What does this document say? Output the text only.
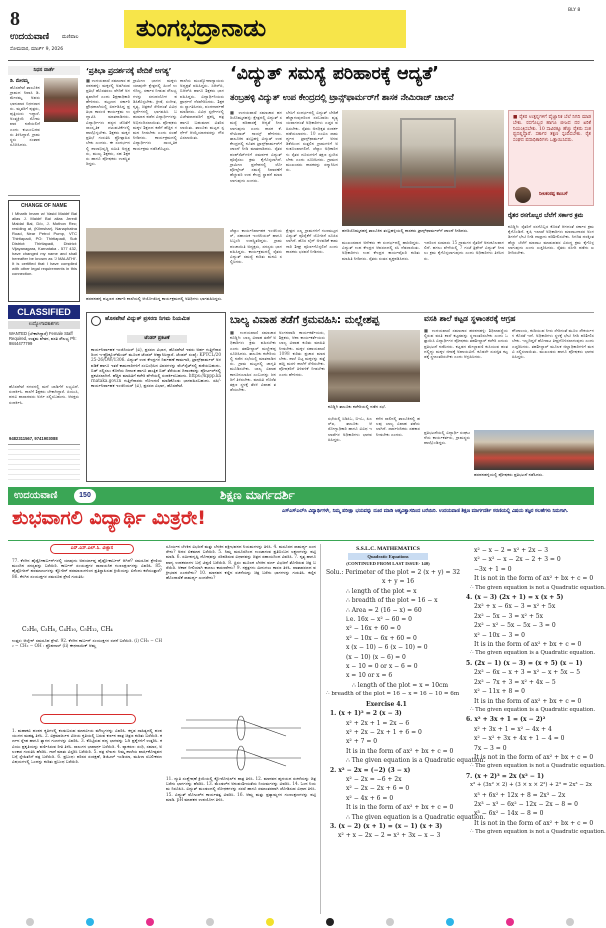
8
ಉದಯವಾಣಿ	ಮಣಿಪಾಲ
ಸೋಮವಾರ, ಮಾರ್ಚ್ 9, 2026
ತುಂಗಭದ್ರಾನಾಡು
BLY 8
ನಿಧನ ವಾರ್ತೆ
ಡಿ. ಮೇರಮ್ಮ
ಹೊಸಪೇಟೆ ತಾಲೂಕಿನ ಗ್ರಾಮದ ನಿವಾಸಿ ಡಿ. ಮೇರಮ್ಮ ಅವರು ಭಾನುವಾರ ನಿಧನರಾದರು. ಮೃತರಿಗೆ ಪುತ್ರರು, ಪುತ್ರಿಯರು ಇದ್ದಾರೆ. ಅಂತ್ಯಕ್ರಿಯೆ ಸೋಮವಾರ ನಡೆಯಲಿದೆ ಎಂದು ಕುಟುಂಬದವರು ತಿಳಿಸಿದ್ದಾರೆ. ಗ್ರಾಮಸ್ಥರು ಸಂತಾಪ ಸೂಚಿಸಿದರು.
CHANGE OF NAME
I Mharib Imam w/ Vasid Maidrf Bai alias J. Maidrf Bai alias Jeredi Maidal Bai, D/o, J. Mothon Rec; residing at, (Kilmshar), Nanaphatna Road, Near Petrol Pump, VTC Thirtiapadi, PO: Thirtiapadi, Sub District: Thirtiapadi, District: Vijayanagara, Karnataka - 577 432, have changed my name and shall hereafter be known as 'J MALATHI'. It is certified that I have complied with other legal requirements in this connection.
CLASSIFIED
ಉದ್ಯೋಗಾವಕಾಶಗಳು
WANTED (ಬೇಕಾಗಿದ್ದಾರೆ) Female Staff Required, ಉತ್ತಮ ವೇತನ, ವಸತಿ ಸೌಲಭ್ಯ Ph: 9844477799
ಹೊಸಪೇಟೆ ನಗರದಲ್ಲಿ ಮನೆ ಬಾಡಿಗೆಗೆ ಲಭ್ಯವಿದೆ. ಸಂಪರ್ಕಿಸಿ. ಶಾಲೆಗೆ ಶಿಕ್ಷಕರು ಬೇಕಾಗಿದ್ದಾರೆ. ಪಿಯುಸಿ, ಪದವಿ ಪಾಸಾದವರು ಅರ್ಜಿ ಸಲ್ಲಿಸಬಹುದು. ಆಸಕ್ತರು ಸಂಪರ್ಕಿಸಿ.
9482311567, 9741903088
‘ಪ್ರತಿಭಾ ಪ್ರದರ್ಶನಕ್ಕೆ ವೇದಿಕೆ ಅಗತ್ಯ’
■ ಉದಯವಾಣಿ ಸಮಾಚಾರ ಹರಪನಹಳ್ಳಿ: ಮಕ್ಕಳಲ್ಲಿ ಅಡಗಿರುವ ಪ್ರತಿಭೆ ಹೊರತರಲು ವೇದಿಕೆ ಅಗತ್ಯವಾಗಿದೆ ಎಂದು ಶಿಕ್ಷಣಾಧಿಕಾರಿ ಹೇಳಿದರು. ಪಟ್ಟಣದ ಸರ್ಕಾರಿ ಪ್ರೌಢಶಾಲೆಯಲ್ಲಿ ಏರ್ಪಡಿಸಿದ್ದ ಪ್ರತಿಭಾ ಕಾರಂಜಿ ಕಾರ್ಯಕ್ರಮ ಉದ್ಘಾಟಿಸಿ ಮಾತನಾಡಿದರು. ವಿದ್ಯಾರ್ಥಿಗಳು ಪಠ್ಯದ ಜೊತೆಗೆ ಸಾಂಸ್ಕೃತಿಕ ಚಟುವಟಿಕೆಗಳಲ್ಲಿ ಪಾಲ್ಗೊಳ್ಳಬೇಕು. ಶಿಕ್ಷಕರು ಮಕ್ಕಳ ಪ್ರತಿಭೆ ಗುರುತಿಸಿ ಪ್ರೋತ್ಸಾಹಿಸಬೇಕು ಎಂದರು. ಈ ಸಂದರ್ಭದಲ್ಲಿ ಶಾಲಾಭಿವೃದ್ಧಿ ಸಮಿತಿ ಅಧ್ಯಕ್ಷರು, ಮುಖ್ಯ ಶಿಕ್ಷಕರು, ಸಹ ಶಿಕ್ಷಕರು ಹಾಗೂ ಪೋಷಕರು ಉಪಸ್ಥಿತರಿದ್ದರು.
ಗ್ರಾಮೀಣ ಭಾಗದ ಮಕ್ಕಳು ಯಾವುದೇ ಕ್ಷೇತ್ರದಲ್ಲಿ ಹಿಂದೆ ಉಳಿದಿಲ್ಲ. ಸರ್ಕಾರ ನೀಡುವ ಸೌಲಭ್ಯಗಳನ್ನು ಸದುಪಯೋಗ ಪಡಿಸಿಕೊಳ್ಳಬೇಕು. ಕ್ರೀಡೆ, ಸಂಗೀತ, ನೃತ್ಯ, ಚಿತ್ರಕಲೆ ಸೇರಿದಂತೆ ವಿವಿಧ ಸ್ಪರ್ಧೆಗಳಲ್ಲಿ ಭಾಗವಹಿಸಿ ಬಹುಮಾನ ಪಡೆದ ವಿದ್ಯಾರ್ಥಿಗಳನ್ನು ಅಭಿನಂದಿಸಲಾಯಿತು. ಪೋಷಕರು ಮಕ್ಕಳ ಶಿಕ್ಷಣದ ಕಡೆಗೆ ಹೆಚ್ಚಿನ ಗಮನ ನೀಡಬೇಕು ಎಂದು ಸಲಹೆ ನೀಡಿದರು. ಕಾರ್ಯಕ್ರಮದಲ್ಲಿ ವಿದ್ಯಾರ್ಥಿಗಳು ಸಾಂಸ್ಕೃತಿಕ ಕಾರ್ಯಕ್ರಮ ನಡೆಸಿಕೊಟ್ಟರು.
ಶಾಲೆಯ ಮುಖ್ಯೋಪಾಧ್ಯಾಯರು ಅಧ್ಯಕ್ಷತೆ ವಹಿಸಿದ್ದರು. ಸಿಆರ್‌ಪಿ, ಬಿಆರ್‌ಪಿ ಹಾಗೂ ಶಿಕ್ಷಕರು ಭಾಗವಹಿಸಿದ್ದರು. ವಿದ್ಯಾರ್ಥಿನಿಯರು ಪ್ರಾರ್ಥನೆ ನೆರವೇರಿಸಿದರು. ಶಿಕ್ಷಕರು ಸ್ವಾಗತಿಸಿದರು, ವಂದನಾರ್ಪಣೆ ಮಾಡಿದರು. ವಿವಿಧ ಸ್ಪರ್ಧೆಗಳಲ್ಲಿ ವಿಜೇತರಾದವರಿಗೆ ಪ್ರಶಸ್ತಿ ಪತ್ರ ಹಾಗೂ ಬಹುಮಾನ ವಿತರಿಸಲಾಯಿತು. ತಾಲೂಕು ಮಟ್ಟದ ಸ್ಪರ್ಧೆಗೆ ಆಯ್ಕೆಯಾದವರನ್ನು ಗೌರವಿಸಲಾಯಿತು.
ಹರಪನಹಳ್ಳಿ ಪಟ್ಟಣದ ಸರ್ಕಾರಿ ಶಾಲೆಯಲ್ಲಿ ಆಯೋಜಿಸಿದ್ದ ಕಾರ್ಯಕ್ರಮದಲ್ಲಿ ಅತಿಥಿಗಳು ಭಾಗವಹಿಸಿದ್ದರು.
ಹೊಸಪೇಟೆ ವಿದ್ಯುತ್ ಪ್ರಸರಣ ನಿಗಮ ನಿಯಮಿತ
ಟೆಂಡರ್ ಪ್ರಕಟಣೆ
ಕಾರ್ಯನಿರ್ವಾಹಕ ಇಂಜಿನಿಯರ್ (ವಿ), ಪ್ರಸರಣ ವಿಭಾಗ, ಹೊಸಪೇಟೆ ಇವರು ಅರ್ಹ ಗುತ್ತಿಗೆದಾರರಿಂದ ಇ-ಪ್ರೊಕ್ಯೂರ್‌ಮೆಂಟ್ ಮೂಲಕ ಟೆಂಡರ್ ಆಹ್ವಾನಿಸಿದ್ದಾರೆ. ಟೆಂಡರ್ ಸಂಖ್ಯೆ: KPTCL/2025-26/OW/1306. ವಿದ್ಯುತ್ ಉಪ ಕೇಂದ್ರಗಳ ನಿರ್ವಹಣೆ ಕಾಮಗಾರಿ, ಟ್ರಾನ್ಸ್‌ಫಾರ್ಮರ್ ಅಳವಡಿಕೆ ಹಾಗೂ ಇತರೆ ಕಾಮಗಾರಿಗಳಿಗೆ ಸಂಬಂಧಿಸಿದ ವಿವರಗಳನ್ನು ವೆಬ್‌ಸೈಟ್‌ನಲ್ಲಿ ಪಡೆಯಬಹುದು. ಬಿಡ್ ಸಲ್ಲಿಸಲು ಕೊನೆಯ ದಿನಾಂಕ ಹಾಗೂ ತಾಂತ್ರಿಕ ಬಿಡ್ ತೆರೆಯುವ ದಿನಾಂಕವನ್ನು ಪೋರ್ಟಲ್‌ನಲ್ಲಿ ಪ್ರಕಟಿಸಲಾಗಿದೆ. ಹೆಚ್ಚಿನ ಮಾಹಿತಿಗೆ ಕಚೇರಿ ವೇಳೆಯಲ್ಲಿ ಸಂಪರ್ಕಿಸಬಹುದು. https://kppp.karnataka.gov.in ಗುತ್ತಿಗೆದಾರರು ನೋಂದಣಿ ಮಾಡಿಕೊಂಡು ಭಾಗವಹಿಸಬಹುದು. ಸಹಿ/- ಕಾರ್ಯನಿರ್ವಾಹಕ ಇಂಜಿನಿಯರ್ (ವಿ), ಪ್ರಸರಣ ವಿಭಾಗ, ಹೊಸಪೇಟೆ.
‘ವಿದ್ಯುತ್ ಸಮಸ್ಯೆ ಪರಿಹಾರಕ್ಕೆ ಆದ್ಯತೆ’
ತಂಬ್ರಹಳ್ಳಿ ವಿದ್ಯುತ್ ಉಪ ಕೇಂದ್ರದಲ್ಲಿ ಟ್ರಾನ್ಸ್‌ಫಾರ್ಮರ್‌ಗೆ ಶಾಸಕ ನೇಮಿರಾಜ್ ಚಾಲನೆ
■ ಉದಯವಾಣಿ ಸಮಾಚಾರ ಹಗರಿಬೊಮ್ಮನಹಳ್ಳಿ: ಕ್ಷೇತ್ರದಲ್ಲಿ ವಿದ್ಯುತ್ ಸಮಸ್ಯೆ ಪರಿಹಾರಕ್ಕೆ ಆದ್ಯತೆ ನೀಡಲಾಗುವುದು ಎಂದು ಶಾಸಕ ಕೆ. ನೇಮಿರಾಜ್ ನಾಯ್ಕ್ ಹೇಳಿದರು. ತಾಲೂಕಿನ ತಂಬ್ರಹಳ್ಳಿ ವಿದ್ಯುತ್ ಉಪ ಕೇಂದ್ರದಲ್ಲಿ ನೂತನ ಟ್ರಾನ್ಸ್‌ಫಾರ್ಮರ್‌ಗೆ ಚಾಲನೆ ನೀಡಿ ಮಾತನಾಡಿದರು. ರೈತರ ಪಂಪ್‌ಸೆಟ್‌ಗಳಿಗೆ ಸಮರ್ಪಕ ವಿದ್ಯುತ್ ಪೂರೈಸಲು ಕ್ರಮ ಕೈಗೊಳ್ಳಲಾಗಿದೆ. ಗ್ರಾಮೀಣ ಪ್ರದೇಶದಲ್ಲಿ ಲೋ ವೋಲ್ಟೇಜ್ ಸಮಸ್ಯೆ ನಿವಾರಣೆಗೆ ಹೆಚ್ಚುವರಿ ಉಪ ಕೇಂದ್ರ ಸ್ಥಾಪನೆ ಮಾಡಲಾಗುವುದು ಎಂದರು.
ಬೇಸಿಗೆ ಸಂದರ್ಭದಲ್ಲಿ ವಿದ್ಯುತ್ ಬೇಡಿಕೆ ಹೆಚ್ಚಾಗುವುದರಿಂದ ಸರಬರಾಜು ವ್ಯತ್ಯಯವಾಗದಂತೆ ಅಧಿಕಾರಿಗಳು ಎಚ್ಚರ ವಹಿಸಬೇಕು. ರೈತರು ಅನಧಿಕೃತ ಸಂಪರ್ಕ ಪಡೆಯಬಾರದು. 10 ಎಂವಿಎ ಸಾಮರ್ಥ್ಯದ ಟ್ರಾನ್ಸ್‌ಫಾರ್ಮರ್ ಅಳವಡಿಕೆಯಿಂದ ಸುತ್ತಲಿನ ಗ್ರಾಮಗಳಿಗೆ ಅನುಕೂಲವಾಗಲಿದೆ. ಜೆಸ್ಕಾಂ ಅಧಿಕಾರಿಗಳು ರೈತರ ದೂರುಗಳಿಗೆ ತಕ್ಷಣ ಸ್ಪಂದಿಸಬೇಕು ಎಂದು ಸೂಚಿಸಿದರು. ಗ್ರಾಮದ ಮುಖಂಡರು ಶಾಸಕರನ್ನು ಸನ್ಮಾನಿಸಿದರು.
■ ರೈತರ ಉತ್ಪನ್ನಗಳಿಗೆ ವೈಜ್ಞಾನಿಕ ಬೆಲೆ ನಿಗದಿ ಮಾಡಬೇಕು. ರಸಗೊಬ್ಬರ ಹಾಗೂ ಬೀಜದ ದರ ಏರಿಕೆ ನಿಯಂತ್ರಿಸಬೇಕು. 10 ಸಾವಿರಕ್ಕೂ ಹೆಚ್ಚು ರೈತರು ಸಂಕಷ್ಟದಲ್ಲಿದ್ದಾರೆ. ಸರ್ಕಾರ ತಕ್ಷಣ ಸ್ಪಂದಿಸಬೇಕು. ರೈತ ಸಂಘದ ಪದಾಧಿಕಾರಿಗಳು ಒತ್ತಾಯಿಸಿದರು.
ನೀಲಕಂಠಪ್ಪ ಕಾಂಬಳೆ
ರೈತರ ರಸಗೊಬ್ಬರ ಬೆಲೆಗೆ ಸರ್ಕಾರ ಕ್ರಮ
ಕೂಡ್ಲಿಗಿ: ರೈತರಿಗೆ ರಸಗೊಬ್ಬರ ಕೊರತೆ ಆಗದಂತೆ ಸರ್ಕಾರ ಕ್ರಮ ಕೈಗೊಂಡಿದೆ. ಕೃಷಿ ಇಲಾಖೆ ಅಧಿಕಾರಿಗಳು ಮಾರಾಟಗಾರರ ಅಂಗಡಿಗಳಿಗೆ ಭೇಟಿ ನೀಡಿ ದಾಸ್ತಾನು ಪರಿಶೀಲಿಸಬೇಕು. ನಿಗದಿತ ದರಕ್ಕಿಂತ ಹೆಚ್ಚು ಬೆಲೆಗೆ ಮಾರಾಟ ಮಾಡುವವರ ವಿರುದ್ಧ ಕ್ರಮ ಕೈಗೊಳ್ಳಲಾಗುವುದು ಎಂದು ಎಚ್ಚರಿಸಿದರು. ರೈತರು ರಸೀದಿ ಪಡೆದು ಖರೀದಿಸಬೇಕು.
ಹಗರಿಬೊಮ್ಮನಹಳ್ಳಿ ತಾಲೂಕಿನ ತಂಬ್ರಹಳ್ಳಿಯಲ್ಲಿ ಶಾಸಕರು ಟ್ರಾನ್ಸ್‌ಫಾರ್ಮರ್‌ಗೆ ಚಾಲನೆ ನೀಡಿದರು.
ಜೆಸ್ಕಾಂ ಕಾರ್ಯನಿರ್ವಾಹಕ ಇಂಜಿನಿಯರ್, ಸಹಾಯಕ ಇಂಜಿನಿಯರ್ ಹಾಗೂ ಸಿಬ್ಬಂದಿ ಉಪಸ್ಥಿತರಿದ್ದರು. ಗ್ರಾಮ ಪಂಚಾಯಿತಿ ಅಧ್ಯಕ್ಷರು, ಸದಸ್ಯರು ಭಾಗವಹಿಸಿದ್ದರು. ಕಾರ್ಯಕ್ರಮದಲ್ಲಿ ರೈತರು ವಿದ್ಯುತ್ ಸಮಸ್ಯೆ ಕುರಿತು ಮನವಿ ಸಲ್ಲಿಸಿದರು.
ಕ್ಷೇತ್ರದ ಎಲ್ಲ ಗ್ರಾಮಗಳಿಗೆ ಗುಣಮಟ್ಟದ ವಿದ್ಯುತ್ ಪೂರೈಕೆಗೆ ಯೋಜನೆ ರೂಪಿಸಲಾಗಿದೆ. ಹೊಸ ಲೈನ್ ಅಳವಡಿಕೆ ಕಾಮಗಾರಿ ಶೀಘ್ರ ಪೂರ್ಣಗೊಳ್ಳಲಿದೆ ಎಂದು ಶಾಸಕರು ಭರವಸೆ ನೀಡಿದರು.
ಮುಖಂಡರಾದ ಅನೇಕರು ಈ ಸಂದರ್ಭದಲ್ಲಿ ಹಾಜರಿದ್ದರು. ವಿದ್ಯುತ್ ಉಪ ಕೇಂದ್ರದ ಆವರಣದಲ್ಲಿ ಸಸಿ ನೆಡಲಾಯಿತು. ಅಧಿಕಾರಿಗಳು ಉಪ ಕೇಂದ್ರದ ಕಾರ್ಯವೈಖರಿ ಕುರಿತು ಮಾಹಿತಿ ನೀಡಿದರು. ರೈತರು ಸಂತಸ ವ್ಯಕ್ತಪಡಿಸಿದರು.
ಇದರಿಂದ ಸುಮಾರು 15 ಗ್ರಾಮಗಳ ರೈತರಿಗೆ ಅನುಕೂಲವಾಗಲಿದೆ. ಹಗಲು ವೇಳೆಯಲ್ಲಿ 7 ಗಂಟೆ ತ್ರಿಫೇಸ್ ವಿದ್ಯುತ್ ನೀಡಲು ಕ್ರಮ ಕೈಗೊಳ್ಳಲಾಗುವುದು ಎಂದು ಅಧಿಕಾರಿಗಳು ತಿಳಿಸಿದರು.
ಬಾಲ್ಯ ವಿವಾಹ ತಡೆಗೆ ಕ್ರಮವಹಿಸಿ: ಮಲ್ಲೇಶಪ್ಪ
■ ಉದಯವಾಣಿ ಸಮಾಚಾರ ಕೂಡ್ಲಿಗಿ: ಬಾಲ್ಯ ವಿವಾಹ ತಡೆಗೆ ಅಧಿಕಾರಿಗಳು ಕ್ರಮ ವಹಿಸಬೇಕು ಎಂದು ತಹಶೀಲ್ದಾರ್ ಮಲ್ಲೇಶಪ್ಪ ಸೂಚಿಸಿದರು. ತಾಲೂಕು ಕಚೇರಿಯಲ್ಲಿ ನಡೆದ ಸಭೆಯಲ್ಲಿ ಮಾತನಾಡಿದರು. ಗ್ರಾಮ ಮಟ್ಟದಲ್ಲಿ ಜಾಗೃತಿ ಮೂಡಿಸಬೇಕು. ಬಾಲ್ಯ ವಿವಾಹ ಕಾನೂನುಬಾಹಿರ ಎಂಬುದನ್ನು ಜನರಿಗೆ ತಿಳಿಸಬೇಕು. ಮಾಹಿತಿ ದೊರೆತ ತಕ್ಷಣ ಸ್ಥಳಕ್ಕೆ ತೆರಳಿ ವಿವಾಹ ತಡೆಯಬೇಕು.
ಅಂಗನವಾಡಿ ಕಾರ್ಯಕರ್ತೆಯರು, ಶಿಕ್ಷಕರು, ಆಶಾ ಕಾರ್ಯಕರ್ತೆಯರು ಬಾಲ್ಯ ವಿವಾಹ ಕುರಿತು ಮಾಹಿತಿ ನೀಡಬೇಕು. ಮಕ್ಕಳ ಸಹಾಯವಾಣಿ 1098 ಕುರಿತು ಪ್ರಚಾರ ಮಾಡಬೇಕು. ಶಾಲೆ ಬಿಟ್ಟ ಮಕ್ಕಳನ್ನು ಪತ್ತೆ ಹಚ್ಚಿ ಮರಳಿ ಶಾಲೆಗೆ ಸೇರಿಸಬೇಕು. ಪೋಷಕರಿಗೆ ತಿಳಿವಳಿಕೆ ನೀಡಬೇಕು ಎಂದು ಹೇಳಿದರು.
ಕೂಡ್ಲಿಗಿ ತಾಲೂಕು ಕಚೇರಿಯಲ್ಲಿ ನಡೆದ ಸಭೆ.
ಸಭೆಯಲ್ಲಿ ಸಿಡಿಪಿಒ, ಬಿಇಒ, ಪಿಎಸ್‌ಐ, ತಾಲೂಕು ಆರೋಗ್ಯಾಧಿಕಾರಿ ಹಾಗೂ ವಿವಿಧ ಇಲಾಖೆಗಳ ಅಧಿಕಾರಿಗಳು ಭಾಗವಹಿಸಿದ್ದರು.
ಕಳೆದ ಸಾಲಿನಲ್ಲಿ ತಾಲೂಕಿನಲ್ಲಿ ಹಲವು ಬಾಲ್ಯ ವಿವಾಹ ತಡೆಯಲಾಗಿದೆ. ಸಾರ್ವಜನಿಕರು ಸಹಕಾರ ನೀಡಬೇಕು ಎಂದರು.
ವಸತಿ ಶಾಲೆ ಕಟ್ಟಡ ಸ್ಥಳಾಂತರಕ್ಕೆ ಆಗ್ರಹ
■ ಉದಯವಾಣಿ ಸಮಾಚಾರ ಹರಪನಹಳ್ಳಿ: ಶಿಥಿಲಾವಸ್ಥೆಯಲ್ಲಿರುವ ವಸತಿ ಶಾಲೆ ಕಟ್ಟಡವನ್ನು ಸ್ಥಳಾಂತರಿಸಬೇಕು ಎಂದು ಒತ್ತಾಯಿಸಿ ವಿದ್ಯಾರ್ಥಿಗಳ ಪೋಷಕರು ತಹಶೀಲ್ದಾರ್ ಕಚೇರಿ ಎದುರು ಪ್ರತಿಭಟನೆ ನಡೆಸಿದರು. ಕಟ್ಟಡದ ಮೇಲ್ಛಾವಣಿ ಕುಸಿಯುವ ಹಂತದಲ್ಲಿದ್ದು ಮಕ್ಕಳ ಜೀವಕ್ಕೆ ಅಪಾಯವಿದೆ. ಕೂಡಲೇ ಸುಸಜ್ಜಿತ ಕಟ್ಟಡಕ್ಕೆ ಸ್ಥಳಾಂತರಿಸಬೇಕು ಎಂದು ಆಗ್ರಹಿಸಿದರು.
ಶೌಚಾಲಯ, ಕುಡಿಯುವ ನೀರು ಸೇರಿದಂತೆ ಮೂಲ ಸೌಕರ್ಯಗಳ ಕೊರತೆ ಇದೆ. ಅಧಿಕಾರಿಗಳು ಸ್ಥಳಕ್ಕೆ ಭೇಟಿ ನೀಡಿ ಪರಿಶೀಲಿಸಬೇಕು. ಇಲ್ಲದಿದ್ದರೆ ಹೋರಾಟ ತೀವ್ರಗೊಳಿಸಲಾಗುವುದು ಎಂದು ಎಚ್ಚರಿಸಿದರು. ತಹಶೀಲ್ದಾರ್ ಮೂಲಕ ಜಿಲ್ಲಾಧಿಕಾರಿಗಳಿಗೆ ಮನವಿ ಸಲ್ಲಿಸಲಾಯಿತು. ಮುಖಂಡರು ಹಾಗೂ ಪೋಷಕರು ಭಾಗವಹಿಸಿದ್ದರು.
ಹರಪನಹಳ್ಳಿಯಲ್ಲಿ ಪೋಷಕರು ಪ್ರತಿಭಟನೆ ನಡೆಸಿದರು.
ಪ್ರತಿಭಟನೆಯಲ್ಲಿ ವಿದ್ಯಾರ್ಥಿ ಸಂಘಟನೆಯ ಕಾರ್ಯಕರ್ತರು, ಗ್ರಾಮಸ್ಥರು ಪಾಲ್ಗೊಂಡಿದ್ದರು.
ಉದಯವಾಣಿ	150	ಶಿಕ್ಷಣ ಮಾರ್ಗದರ್ಶಿ
ಶುಭವಾಗಲಿ ವಿದ್ಯಾರ್ಥಿ ಮಿತ್ರರೇ!	ಎಸ್‌ಎಸ್‌ಎಲ್‌ಸಿ ವಿದ್ಯಾರ್ಥಿಗಳೇ, ನಿಮ್ಮ ಪರೀಕ್ಷಾ ಭಯವನ್ನು ದೂರ ಮಾಡಿ ಆತ್ಮವಿಶ್ವಾಸದಿಂದ ಬರೆಯಿರಿ. ಉದಯವಾಣಿ ಶಿಕ್ಷಣ ಮಾರ್ಗದರ್ಶಿ ಸರಣಿಯಲ್ಲಿ ವಿಷಯ ತಜ್ಞರ ಸಲಹೆಗಳು ನಿಮಗಾಗಿ.
ಎಸ್‌.ಎಸ್‌.ಎಲ್‌.ಸಿ. ವಿಜ್ಞಾನ
77. ಕೆಳಗಿನ ಹೈಡ್ರೋಕಾರ್ಬನ್‌ಗಳಲ್ಲಿ ಯಾವುದು ಅಪರ್ಯಾಪ್ತ ಹೈಡ್ರೋಕಾರ್ಬನ್ ಆಗಿದೆ? ಸಮರೂಪ ಶ್ರೇಣಿಯ ಮುಂದಿನ ಸದಸ್ಯವನ್ನು ಬರೆಯಿರಿ. ಕಾರ್ಬನ್ ಸಂಯುಕ್ತಗಳ ರಾಸಾಯನಿಕ ಗುಣಲಕ್ಷಣಗಳನ್ನು ವಿವರಿಸಿ. 85. ಹೈಡ್ರೋಜನ್ ಪರಮಾಣುಗಳನ್ನು ಕ್ಲೋರಿನ್ ಪರಮಾಣುಗಳಿಂದ ಪ್ರತಿಸ್ಥಾಪಿಸುವ ಕ್ರಿಯೆಯನ್ನು ಏನೆಂದು ಕರೆಯುತ್ತಾರೆ? 86. ಕೆಳಗಿನ ಸಂಯುಕ್ತಗಳ ಸಮರೂಪ ಶ್ರೇಣಿ ಗುರುತಿಸಿ:
C₂H₆, C₃H₈, C₄H₁₀, C₅H₁₂, CH₄
ಉತ್ತರ: ಆಲ್ಕೇನ್ ಸಮರೂಪ ಶ್ರೇಣಿ. 92. ಕೆಳಗಿನ ಕಾರ್ಬನ್ ಸಂಯುಕ್ತಗಳ ರಚನೆ ಬರೆಯಿರಿ. (i) CH₃ − CH₂ − CH₂ − OH : ಪ್ರೊಪನಾಲ್ (ii) ಈಥನಾಯಿಕ್ ಆಮ್ಲ
1. ಮಹಾಕವಿ ಪಂಪನ ಕೃತಿಗಳಲ್ಲಿ ಕಂಡುಬರುವ ಮಾನವೀಯ ಮೌಲ್ಯಗಳನ್ನು ವಿವರಿಸಿ. ಕನ್ನಡ ಸಾಹಿತ್ಯದಲ್ಲಿ ಪಂಪ ಯುಗದ ಮಹತ್ವ ತಿಳಿಸಿ. 2. ವಿಕ್ರಮಾರ್ಜುನ ವಿಜಯ ಕೃತಿಯಲ್ಲಿ ಬರುವ ಕರ್ಣನ ಪಾತ್ರ ಚಿತ್ರಣ ಕುರಿತು ಬರೆಯಿರಿ. ಕರ್ಣನ ಸ್ನೇಹ ಹಾಗೂ ತ್ಯಾಗದ ಗುಣಗಳನ್ನು ವಿವರಿಸಿ. 3. ಕೊಟ್ಟಿರುವ ಪದ್ಯ ಭಾಗವನ್ನು ಓದಿ ಪ್ರಶ್ನೆಗಳಿಗೆ ಉತ್ತರಿಸಿ. ಕವಿಯು ಪ್ರಕೃತಿಯನ್ನು ವರ್ಣಿಸಿರುವ ರೀತಿ ತಿಳಿಸಿ. ಸಾಲುಗಳ ಭಾವಾರ್ಥ ಬರೆಯಿರಿ. 4. ವ್ಯಾಕರಣ: ಸಂಧಿ, ಸಮಾಸ, ಅಲಂಕಾರ ಗುರುತಿಸಿ ಹೆಸರಿಸಿ. ಗಾದೆ ಮಾತು ವಿಸ್ತರಿಸಿ ಬರೆಯಿರಿ. 5. ಪತ್ರ ಲೇಖನ: ನಿಮ್ಮ ಶಾಲೆಯ ವಾರ್ಷಿಕೋತ್ಸವದ ಬಗ್ಗೆ ಸ್ನೇಹಿತನಿಗೆ ಪತ್ರ ಬರೆಯಿರಿ. 6. ಪ್ರಬಂಧ: ಪರಿಸರ ಸಂರಕ್ಷಣೆ, ಡಿಜಿಟಲ್ ಇಂಡಿಯಾ, ಮಹಿಳಾ ಸಬಲೀಕರಣ ವಿಷಯಗಳಲ್ಲಿ ಒಂದನ್ನು ಕುರಿತು ಪ್ರಬಂಧ ಬರೆಯಿರಿ.
ಸೂರ್ಯನ ಬೆಳಕಿನ ವಿಭಜನೆ ಮತ್ತು ಬೆಳಕಿನ ವಕ್ರೀಭವನದ ನಿಯಮಗಳನ್ನು ತಿಳಿಸಿ. 4. ಮಸೂರದ ಸಾಮರ್ಥ್ಯ ಎಂದರೇನು? ಅದರ ಏಕಮಾನ ಬರೆಯಿರಿ. 5. ನಿಮ್ನ ಮಸೂರದಿಂದ ಉಂಟಾಗುವ ಪ್ರತಿಬಿಂಬದ ಲಕ್ಷಣಗಳನ್ನು ಪಟ್ಟಿ ಮಾಡಿ. 6. ಸಮೀಪದೃಷ್ಟಿ ದೋಷವನ್ನು ಸರಿಪಡಿಸುವ ವಿಧಾನವನ್ನು ಚಿತ್ರದ ಸಹಾಯದಿಂದ ವಿವರಿಸಿ. 7. ನೃತ್ಯ ಹಾಗೂ ವಾದ್ಯ ಉಪಕರಣಗಳ ಬಗ್ಗೆ ಟಿಪ್ಪಣಿ ಬರೆಯಿರಿ. 8. ಪ್ರಿಸಂ ಮೂಲಕ ಬೆಳಕಿನ ವರ್ಣ ವಿಭಜನೆ ತೋರಿಸುವ ಚಿತ್ರ ಬರೆಯಿರಿ. ಆಕಾಶ ನೀಲಿಯಾಗಿ ಕಾಣಲು ಕಾರಣವೇನು? 9. ನಕ್ಷತ್ರಗಳು ಮಿನುಗಲು ಕಾರಣ ತಿಳಿಸಿ. ವಾತಾವರಣದ ವಕ್ರೀಭವನ ಎಂದರೇನು? 10. ಮಾನವನ ಕಣ್ಣಿನ ರಚನೆಯನ್ನು ಚಿತ್ರ ಬರೆದು ಭಾಗಗಳನ್ನು ಗುರುತಿಸಿ. ಕಣ್ಣಿನ ಹೊಂದಾಣಿಕೆ ಸಾಮರ್ಥ್ಯ ಎಂದರೇನು?
11. ದ್ಯುತಿ ಸಂಶ್ಲೇಷಣೆ ಕ್ರಿಯೆಯಲ್ಲಿ ಕ್ಲೋರೋಫಿಲ್‌ನ ಪಾತ್ರ ತಿಳಿಸಿ. 12. ಮಾನವನ ಹೃದಯದ ರಚನೆಯನ್ನು ಚಿತ್ರ ಬರೆದು ಭಾಗಗಳನ್ನು ಹೆಸರಿಸಿ. 13. ಮೆಂಡಲ್‌ನ ಅನುವಂಶೀಯತೆಯ ನಿಯಮಗಳನ್ನು ವಿವರಿಸಿ. 14. ಓಂನ ನಿಯಮ ನಿರೂಪಿಸಿ. ವಿದ್ಯುತ್ ಮಂಡಲದಲ್ಲಿ ರೋಧಕಗಳನ್ನು ಸರಣಿ ಹಾಗೂ ಸಮಾಂತರವಾಗಿ ಜೋಡಿಸುವ ವಿಧಾನ ತಿಳಿಸಿ. 15. ವಿದ್ಯುತ್ ಮೋಟರ್‌ನ ಕಾರ್ಯತತ್ವ ವಿವರಿಸಿ. 16. ಆಮ್ಲ ಮತ್ತು ಪ್ರತ್ಯಾಮ್ಲಗಳ ಗುಣಲಕ್ಷಣಗಳನ್ನು ಪಟ್ಟಿ ಮಾಡಿ. pH ಮಾಪಕದ ಉಪಯೋಗ ತಿಳಿಸಿ.
S.S.L.C. MATHEMATICS
Quadratic Equations
(CONTINUED FROM LAST ISSUE- 140)
Solu.: Perimeter of the plot = 2 (x + y) = 32
x + y = 16
∴ length of the plot = x
∴ breadth of the plot = 16 − x
∴ Area = 2 (16 − x) = 60
i.e. 16x − x² − 60 = 0
x² − 16x + 60 = 0
x² − 10x − 6x + 60 = 0
x (x − 10) − 6 (x − 10) = 0
(x − 10) (x − 6) = 0
x − 10 = 0 or x − 6 = 0
x = 10 or x = 6
∴ length of the plot = x = 10cm
∴ breadth of the plot = 16 − x = 16 − 10 = 6m
Exercise 4.1
1. (x + 1)² = 2 (x − 3)
x² + 2x + 1 = 2x − 6
x² + 2x − 2x + 1 + 6 = 0
x² + 7 = 0
It is in the form of ax² + bx + c = 0
∴ The given equation is a Quadratic equation.
2. x² − 2x = (−2) (3 − x)
x² − 2x = −6 + 2x
x² − 2x − 2x + 6 = 0
x² − 4x + 6 = 0
It is in the form of ax² + bx + c = 0
∴ The given equation is a Quadratic equation.
3. (x − 2) (x + 1) = (x − 1) (x + 3)
x² + x − 2x − 2 = x² + 3x − x − 3
x² − x − 2 = x² + 2x − 3
x² − x² − x − 2x − 2 + 3 = 0
−3x + 1 = 0
It is not in the form of ax² + bx + c = 0
∴ The given equation is not a Quadratic equation.
4. (x − 3) (2x + 1) = x (x + 5)
2x² + x − 6x − 3 = x² + 5x
2x² − 5x − 3 = x² + 5x
2x² − x² − 5x − 5x − 3 = 0
x² − 10x − 3 = 0
It is in the form of ax² + bx + c = 0
∴ The given equation is a Quadratic equation.
5. (2x − 1) (x − 3) = (x + 5) (x − 1)
2x² − 6x − x + 3 = x² − x + 5x − 5
2x² − 7x + 3 = x² + 4x − 5
x² − 11x + 8 = 0
It is in the form of ax² + bx + c = 0
∴ The given equation is a Quadratic equation.
6. x² + 3x + 1 = (x − 2)²
x² + 3x + 1 = x² − 4x + 4
x² − x² + 3x + 4x + 1 − 4 = 0
7x − 3 = 0
It is not in the form of ax² + bx + c = 0
∴ The given equation is not a Quadratic equation.
7. (x + 2)³ = 2x (x² − 1)
x³ + (3x² × 2) + (3 × x × 2²) + 2³ = 2x³ − 2x
x³ + 6x² + 12x + 8 = 2x³ − 2x
2x³ − x³ − 6x² − 12x − 2x − 8 = 0
x³ − 6x² − 14x − 8 = 0
It is not in the form of ax² + bx + c = 0
∴ The given equation is not a Quadratic equation.
